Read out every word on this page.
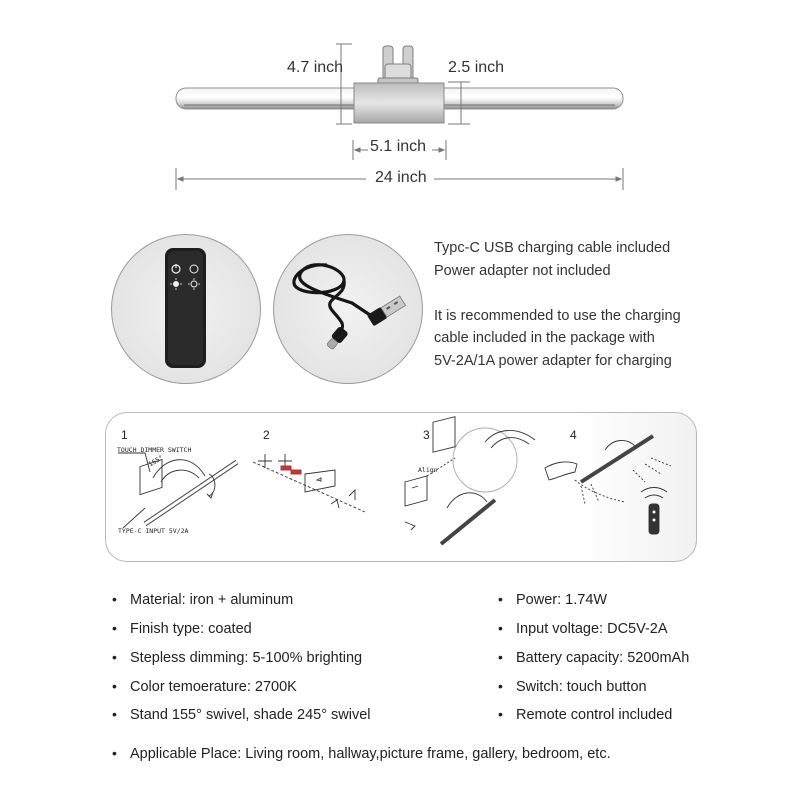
4.7 inch	2.5 inch
5.1 inch
24 inch

Typc-C USB charging cable included

Power adapter not included

It is recommended to use the charging

cable included in the package with

5V-2A/1A power adapter for charging

1	2	3	4
TOUCH DIMMER SWITCH
TYPE-C INPUT 5V/2A
155°
Align
• Material: iron + aluminum
• Finish type: coated
• Stepless dimming: 5-100% brighting
• Color temoerature: 2700K
• Stand 155° swivel, shade 245° swivel
• Power: 1.74W
• Input voltage: DC5V-2A
• Battery capacity: 5200mAh
• Switch: touch button
• Remote control included
• Applicable Place: Living room, hallway,picture frame, gallery, bedroom, etc.
